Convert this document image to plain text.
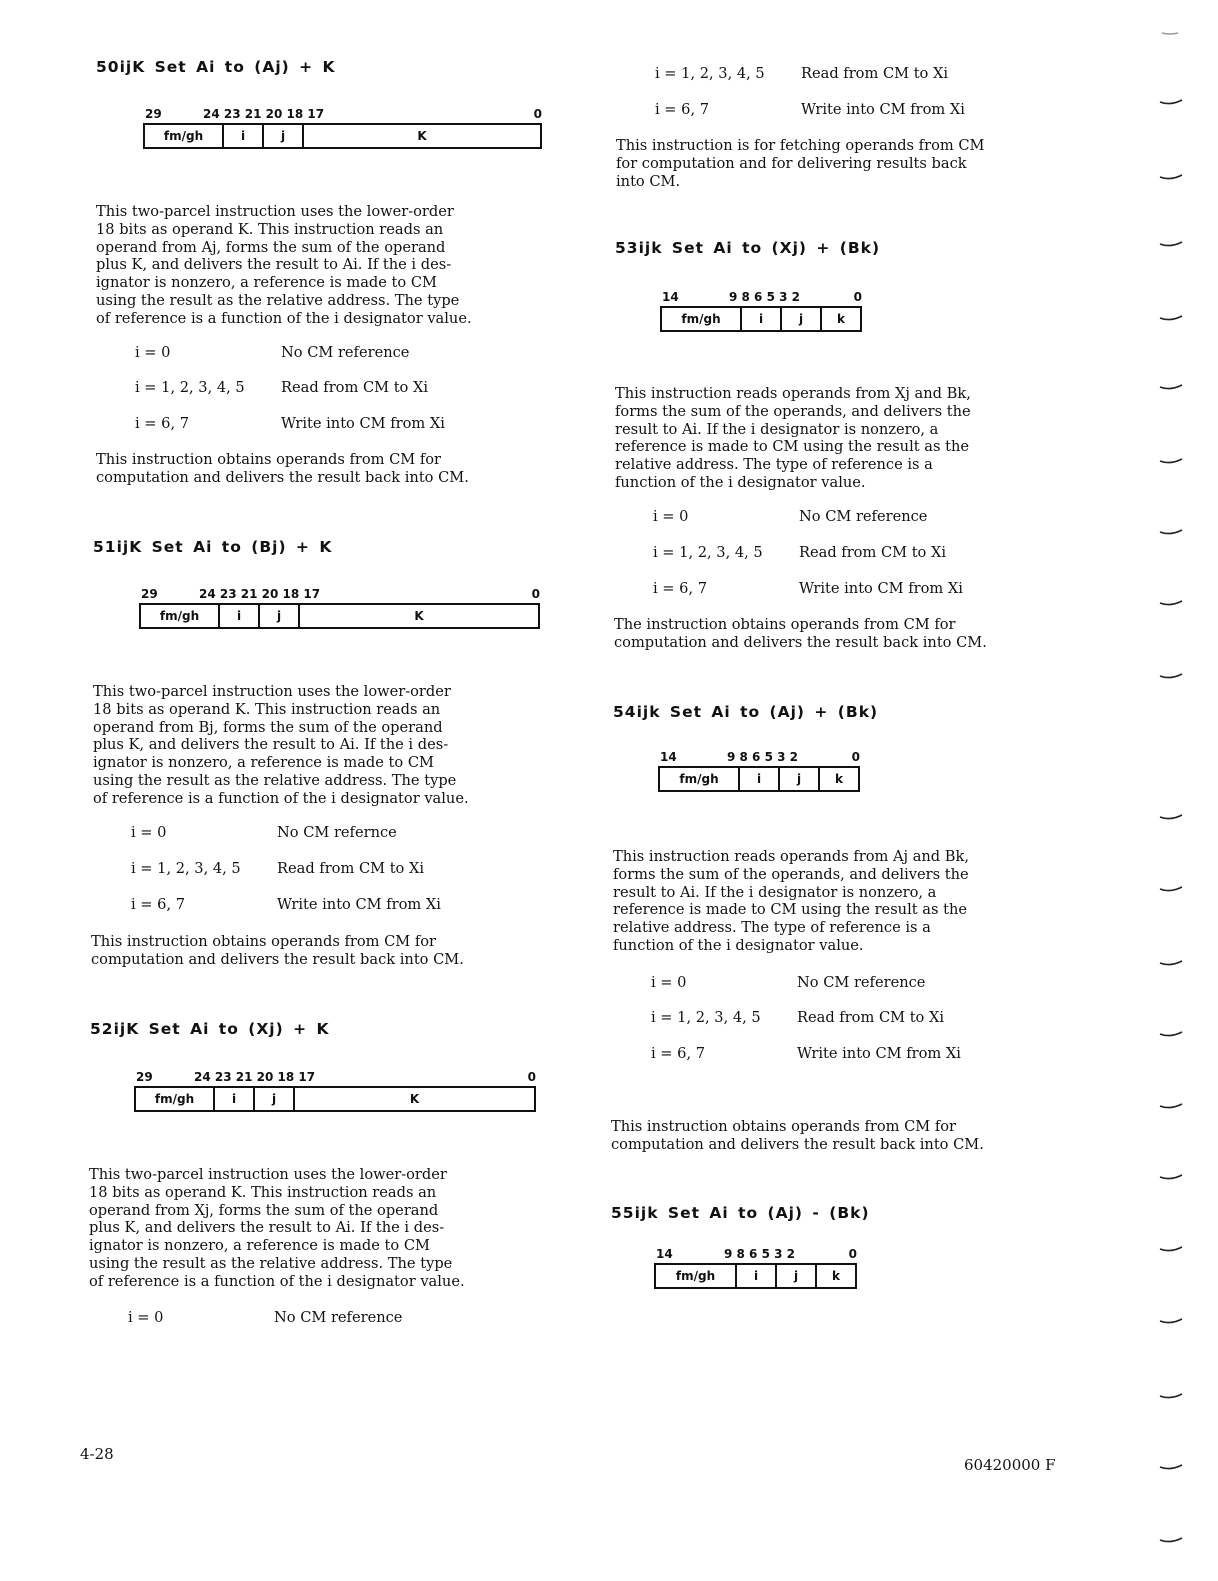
50ijK Set Ai to (Aj) + K
29	24 23 21 20 18 17	0
fm/gh	i	j	K
This two-parcel instruction uses the lower-order
18 bits as operand K. This instruction reads an
operand from Aj, forms the sum of the operand
plus K, and delivers the result to Ai. If the i des-
ignator is nonzero, a reference is made to CM
using the result as the relative address. The type
of reference is a function of the i designator value.
i = 0	No CM reference
i = 1, 2, 3, 4, 5 Read from CM to Xi
i = 6, 7	Write into CM from Xi
This instruction obtains operands from CM for
computation and delivers the result back into CM.
51ijK Set Ai to (Bj) + K
29	24 23 21 20 18 17	0
fm/gh	i	j	K
This two-parcel instruction uses the lower-order
18 bits as operand K. This instruction reads an
operand from Bj, forms the sum of the operand
plus K, and delivers the result to Ai. If the i des-
ignator is nonzero, a reference is made to CM
using the result as the relative address. The type
of reference is a function of the i designator value.
i = 0	No CM refernce
i = 1, 2, 3, 4, 5 Read from CM to Xi
i = 6, 7	Write into CM from Xi
This instruction obtains operands from CM for
computation and delivers the result back into CM.
52ijK Set Ai to (Xj) + K
29	24 23 21 20 18 17	0
fm/gh	i	j	K
This two-parcel instruction uses the lower-order
18 bits as operand K. This instruction reads an
operand from Xj, forms the sum of the operand
plus K, and delivers the result to Ai. If the i des-
ignator is nonzero, a reference is made to CM
using the result as the relative address. The type
of reference is a function of the i designator value.
i = 0	No CM reference
4-28
i = 1, 2, 3, 4, 5 Read from CM to Xi
i = 6, 7	Write into CM from Xi
This instruction is for fetching operands from CM
for computation and for delivering results back
into CM.
53ijk Set Ai to (Xj) + (Bk)
14	9 8 6 5 3 2	0
fm/gh	i	j	k
This instruction reads operands from Xj and Bk,
forms the sum of the operands, and delivers the
result to Ai. If the i designator is nonzero, a
reference is made to CM using the result as the
relative address. The type of reference is a
function of the i designator value.
i = 0	No CM reference
i = 1, 2, 3, 4, 5 Read from CM to Xi
i = 6, 7	Write into CM from Xi
The instruction obtains operands from CM for
computation and delivers the result back into CM.
54ijk Set Ai to (Aj) + (Bk)
14	9 8 6 5 3 2	0
fm/gh	i	j	k
This instruction reads operands from Aj and Bk,
forms the sum of the operands, and delivers the
result to Ai. If the i designator is nonzero, a
reference is made to CM using the result as the
relative address. The type of reference is a
function of the i designator value.
i = 0	No CM reference
i = 1, 2, 3, 4, 5 Read from CM to Xi
i = 6, 7	Write into CM from Xi
This instruction obtains operands from CM for
computation and delivers the result back into CM.
55ijk Set Ai to (Aj) - (Bk)
14	9 8 6 5 3 2	0
fm/gh	i	j	k
60420000 F
